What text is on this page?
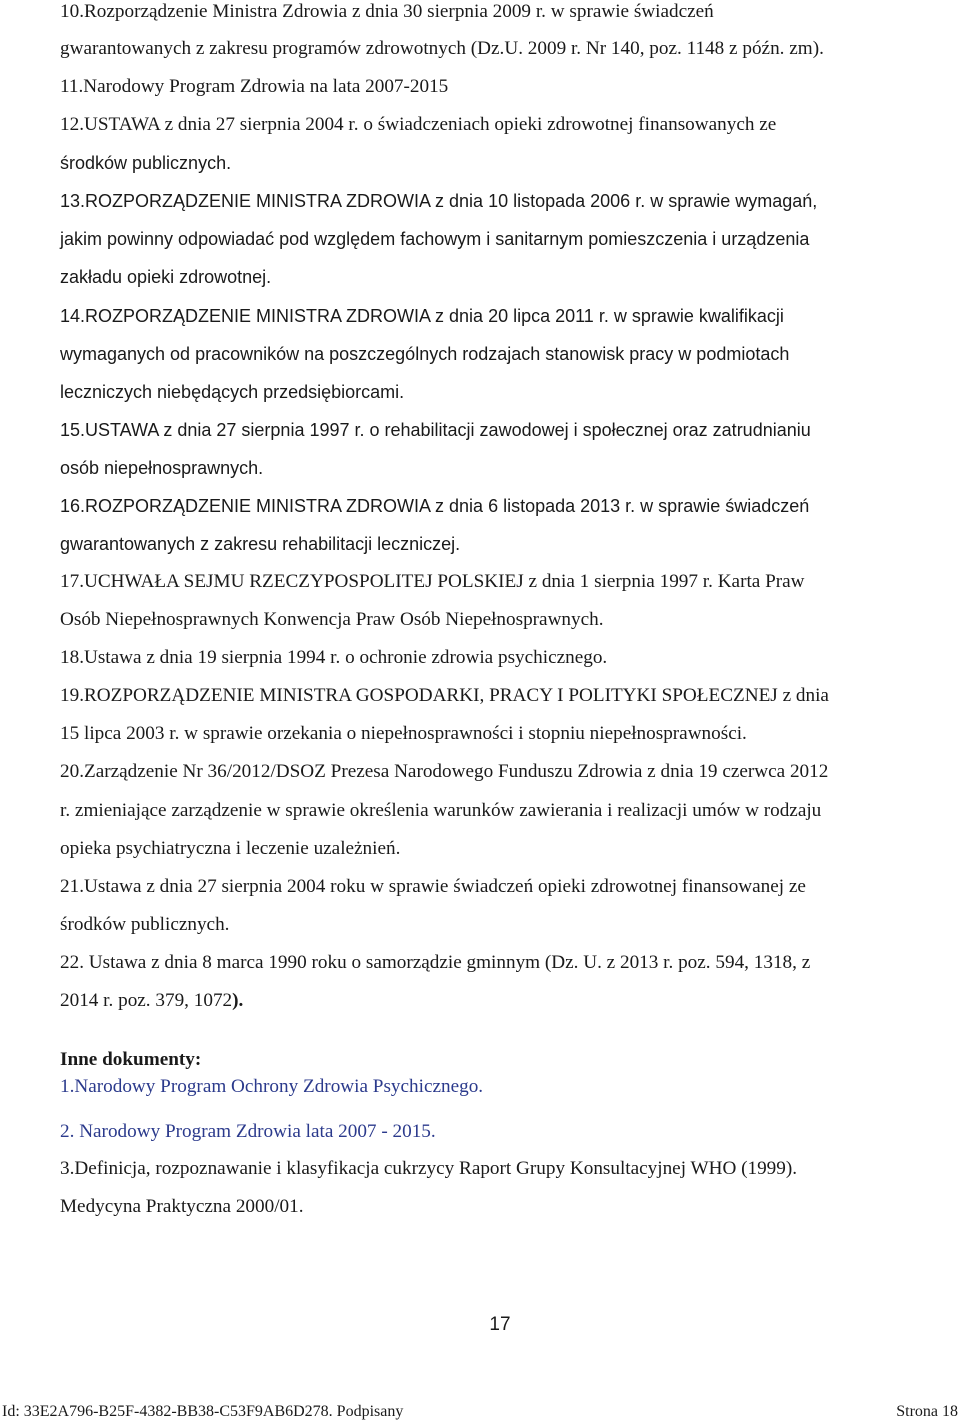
10.Rozporządzenie Ministra Zdrowia z dnia 30 sierpnia 2009 r. w sprawie świadczeń
gwarantowanych z zakresu programów zdrowotnych (Dz.U. 2009 r. Nr 140, poz. 1148 z późn. zm).
11.Narodowy Program Zdrowia na lata 2007-2015
12.USTAWA z dnia 27 sierpnia 2004 r. o świadczeniach opieki zdrowotnej finansowanych ze
środków publicznych.
13.ROZPORZĄDZENIE MINISTRA ZDROWIA z dnia 10 listopada 2006 r. w sprawie wymagań,
jakim powinny odpowiadać pod względem fachowym i sanitarnym pomieszczenia i urządzenia
zakładu opieki zdrowotnej.
14.ROZPORZĄDZENIE MINISTRA ZDROWIA z dnia 20 lipca 2011 r. w sprawie kwalifikacji
wymaganych od pracowników na poszczególnych rodzajach stanowisk pracy w podmiotach
leczniczych niebędących przedsiębiorcami.
15.USTAWA z dnia 27 sierpnia 1997 r. o rehabilitacji zawodowej i społecznej oraz zatrudnianiu
osób niepełnosprawnych.
16.ROZPORZĄDZENIE MINISTRA ZDROWIA z dnia 6 listopada 2013 r. w sprawie świadczeń
gwarantowanych z zakresu rehabilitacji leczniczej.
17.UCHWAŁA SEJMU RZECZYPOSPOLITEJ POLSKIEJ z dnia 1 sierpnia 1997 r. Karta Praw
Osób Niepełnosprawnych Konwencja Praw Osób Niepełnosprawnych.
18.Ustawa z dnia 19 sierpnia 1994 r. o ochronie zdrowia psychicznego.
19.ROZPORZĄDZENIE MINISTRA GOSPODARKI, PRACY I POLITYKI SPOŁECZNEJ z dnia
15 lipca 2003 r. w sprawie orzekania o niepełnosprawności i stopniu niepełnosprawności.
20.Zarządzenie Nr 36/2012/DSOZ Prezesa Narodowego Funduszu Zdrowia z dnia 19 czerwca 2012
r. zmieniające zarządzenie w sprawie określenia warunków zawierania i realizacji umów w rodzaju
opieka psychiatryczna i leczenie uzależnień.
21.Ustawa z dnia 27 sierpnia 2004 roku w sprawie świadczeń opieki zdrowotnej finansowanej ze
środków publicznych.
22. Ustawa z dnia 8 marca 1990 roku o samorządzie gminnym (Dz. U. z 2013 r. poz. 594, 1318, z
2014 r. poz. 379, 1072).
Inne dokumenty:
1.Narodowy Program Ochrony Zdrowia Psychicznego.
2. Narodowy Program Zdrowia lata 2007 - 2015.
3.Definicja, rozpoznawanie i klasyfikacja cukrzycy Raport Grupy Konsultacyjnej WHO (1999).
Medycyna Praktyczna 2000/01.
17
Id: 33E2A796-B25F-4382-BB38-C53F9AB6D278. Podpisany	Strona 18
